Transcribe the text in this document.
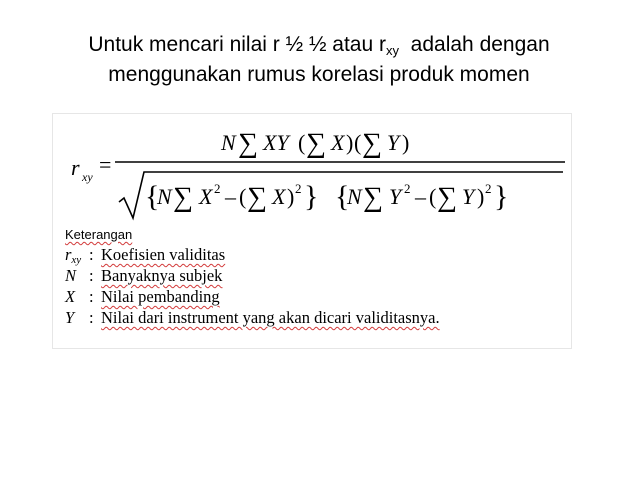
Untuk mencari nilai r ½ ½ atau $r_{xy}$  adalah dengan
menggunakan rumus korelasi produk momen
r xy =
N ∑ XY ( ∑ X ) ( ∑ Y )
{
N ∑ X 2 – ( ∑ X ) 2 } {
N ∑ Y 2 – ( ∑ Y ) 2 }
Keterangan
$r_{xy}$ : Koefisien validitas
N : Banyaknya subjek
X : Nilai pembanding
Y : Nilai dari instrument yang akan dicari validitasnya.
